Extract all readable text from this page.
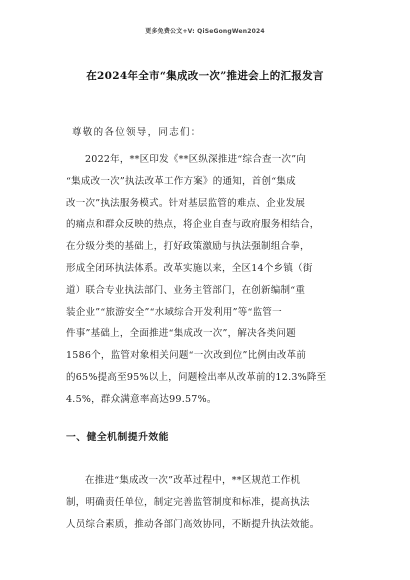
更多免费公文+V: QiSeGongWen2024
在2024年全市“集成改一次”推进会上的汇报发言
尊敬的各位领导，同志们：
2022年，**区印发《**区纵深推进“综合查一次”向
“集成改一次”执法改革工作方案》的通知，首创“集成
改一次”执法服务模式。针对基层监管的难点、企业发展
的痛点和群众反映的热点，将企业自查与政府服务相结合，
在分级分类的基础上，打好政策激励与执法强制组合拳，
形成全闭环执法体系。改革实施以来，全区14个乡镇（街
道）联合专业执法部门、业务主管部门，在创新编制“重
装企业”“旅游安全”“水域综合开发利用”等“监管一
件事”基础上，全面推进“集成改一次”，解决各类问题
1586个，监管对象相关问题“一次改到位”比例由改革前
的65%提高至95%以上，问题检出率从改革前的12.3%降至
4.5%，群众满意率高达99.57%。
一、健全机制提升效能
在推进“集成改一次”改革过程中，**区规范工作机
制，明确责任单位，制定完善监管制度和标准，提高执法
人员综合素质，推动各部门高效协同，不断提升执法效能。
